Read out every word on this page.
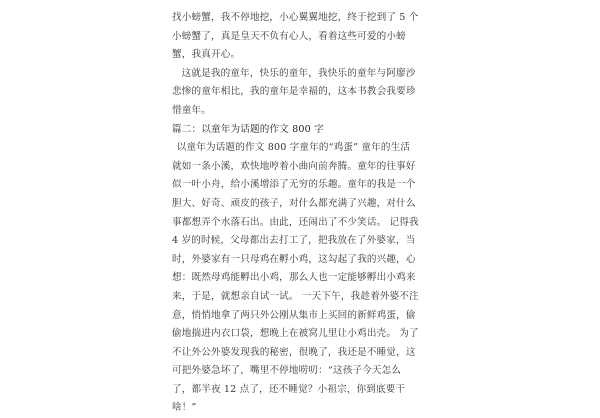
找小螃蟹，我不停地挖，小心翼翼地挖，终于挖到了 5 个
小螃蟹了，真是皇天不负有心人，看着这些可爱的小螃
蟹，我真开心。
这就是我的童年，快乐的童年，我快乐的童年与阿廖沙
悲惨的童年相比，我的童年是幸福的，这本书教会我要珍
惜童年。
篇二：以童年为话题的作文 800 字
以童年为话题的作文 800 字童年的“鸡蛋” 童年的生活
就如一条小溪，欢快地哼着小曲向前奔腾。童年的往事好
似一叶小舟，给小溪增添了无穷的乐趣。童年的我是一个
胆大、好奇、顽皮的孩子，对什么都充满了兴趣，对什么
事都想弄个水落石出。由此，还闹出了不少笑话。 记得我
4 岁的时候，父母都出去打工了，把我放在了外婆家，当
时，外婆家有一只母鸡在孵小鸡，这勾起了我的兴趣，心
想：既然母鸡能孵出小鸡，那么人也一定能够孵出小鸡来
来，于是，就想亲自试一试。 一天下午，我趁着外婆不注
意，悄悄地拿了两只外公刚从集市上买回的新鲜鸡蛋，偷
偷地揣进内衣口袋，想晚上在被窝儿里让小鸡出壳。 为了
不让外公外婆发现我的秘密，很晚了，我还是不睡觉，这
可把外婆急坏了，嘴里不停地唠叨：“这孩子今天怎么
了，都半夜 12 点了，还不睡觉？小祖宗，你到底要干
啥！”
